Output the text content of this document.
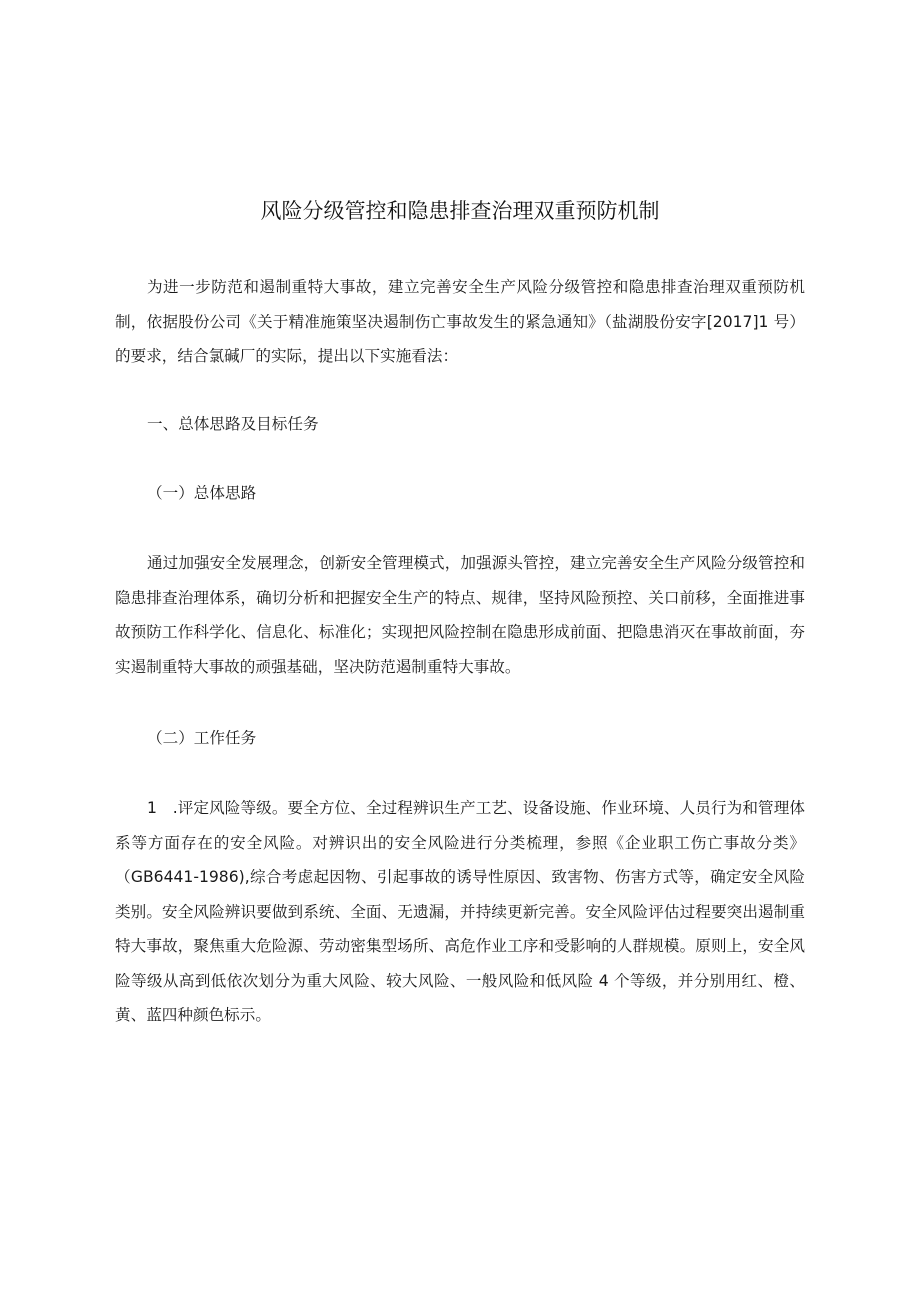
风险分级管控和隐患排查治理双重预防机制

为进一步防范和遏制重特大事故，建立完善安全生产风险分级管控和隐患排查治理双重预防机制，依据股份公司《关于精准施策坚决遏制伤亡事故发生的紧急通知》（盐湖股份安字[2017]1 号）的要求，结合氯碱厂的实际，提出以下实施看法：

一、总体思路及目标任务

（一）总体思路

通过加强安全发展理念，创新安全管理模式，加强源头管控，建立完善安全生产风险分级管控和隐患排查治理体系，确切分析和把握安全生产的特点、规律，坚持风险预控、关口前移，全面推进事故预防工作科学化、信息化、标准化；实现把风险控制在隐患形成前面、把隐患消灭在事故前面，夯实遏制重特大事故的顽强基础，坚决防范遏制重特大事故。

（二）工作任务

1　.评定风险等级。要全方位、全过程辨识生产工艺、设备设施、作业环境、人员行为和管理体系等方面存在的安全风险。对辨识出的安全风险进行分类梳理，参照《企业职工伤亡事故分类》（GB6441-1986),综合考虑起因物、引起事故的诱导性原因、致害物、伤害方式等，确定安全风险类别。安全风险辨识要做到系统、全面、无遗漏，并持续更新完善。安全风险评估过程要突出遏制重特大事故，聚焦重大危险源、劳动密集型场所、高危作业工序和受影响的人群规模。原则上，安全风险等级从高到低依次划分为重大风险、较大风险、一般风险和低风险 4 个等级，并分别用红、橙、黄、蓝四种颜色标示。
